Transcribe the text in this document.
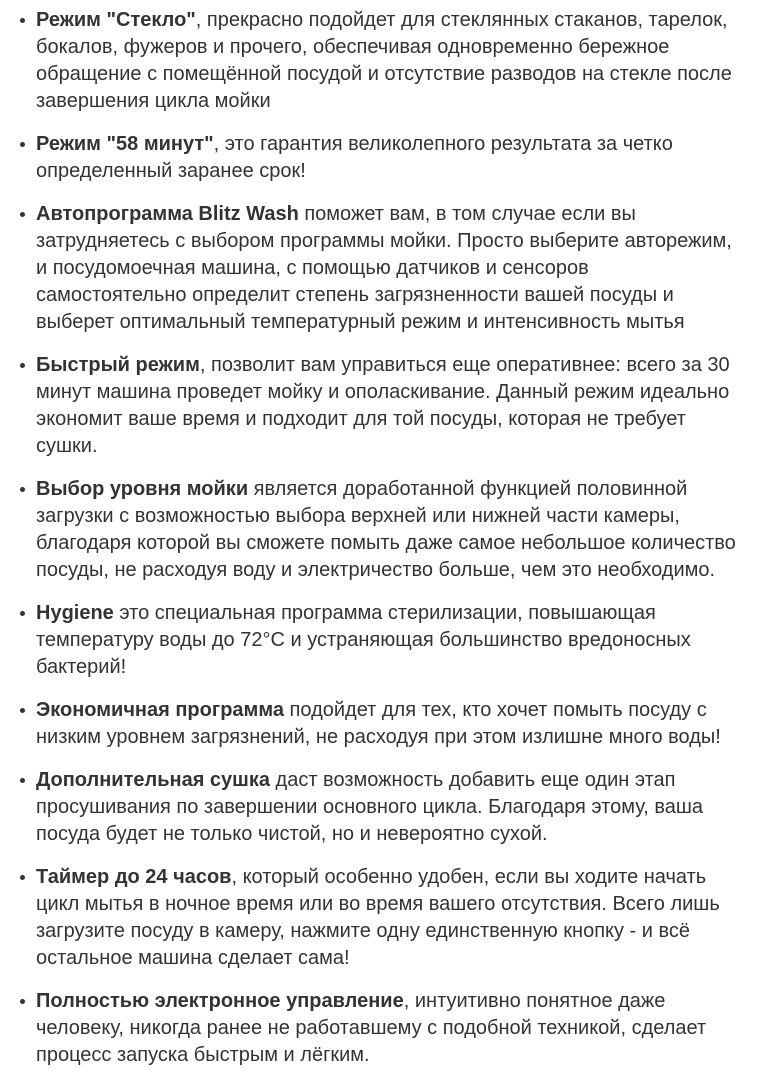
Режим "Стекло", прекрасно подойдет для стеклянных стаканов, тарелок, бокалов, фужеров и прочего, обеспечивая одновременно бережное обращение с помещённой посудой и отсутствие разводов на стекле после завершения цикла мойки
Режим "58 минут", это гарантия великолепного результата за четко определенный заранее срок!
Автопрограмма Blitz Wash поможет вам, в том случае если вы затрудняетесь с выбором программы мойки. Просто выберите авторежим, и посудомоечная машина, с помощью датчиков и сенсоров самостоятельно определит степень загрязненности вашей посуды и выберет оптимальный температурный режим и интенсивность мытья
Быстрый режим, позволит вам управиться еще оперативнее: всего за 30 минут машина проведет мойку и ополаскивание. Данный режим идеально экономит ваше время и подходит для той посуды, которая не требует сушки.
Выбор уровня мойки является доработанной функцией половинной загрузки с возможностью выбора верхней или нижней части камеры, благодаря которой вы сможете помыть даже самое небольшое количество посуды, не расходуя воду и электричество больше, чем это необходимо.
Hygiene это специальная программа стерилизации, повышающая температуру воды до 72°С и устраняющая большинство вредоносных бактерий!
Экономичная программа подойдет для тех, кто хочет помыть посуду с низким уровнем загрязнений, не расходуя при этом излишне много воды!
Дополнительная сушка даст возможность добавить еще один этап просушивания по завершении основного цикла. Благодаря этому, ваша посуда будет не только чистой, но и невероятно сухой.
Таймер до 24 часов, который особенно удобен, если вы ходите начать цикл мытья в ночное время или во время вашего отсутствия. Всего лишь загрузите посуду в камеру, нажмите одну единственную кнопку - и всё остальное машина сделает сама!
Полностью электронное управление, интуитивно понятное даже человеку, никогда ранее не работавшему с подобной техникой, сделает процесс запуска быстрым и лёгким.
